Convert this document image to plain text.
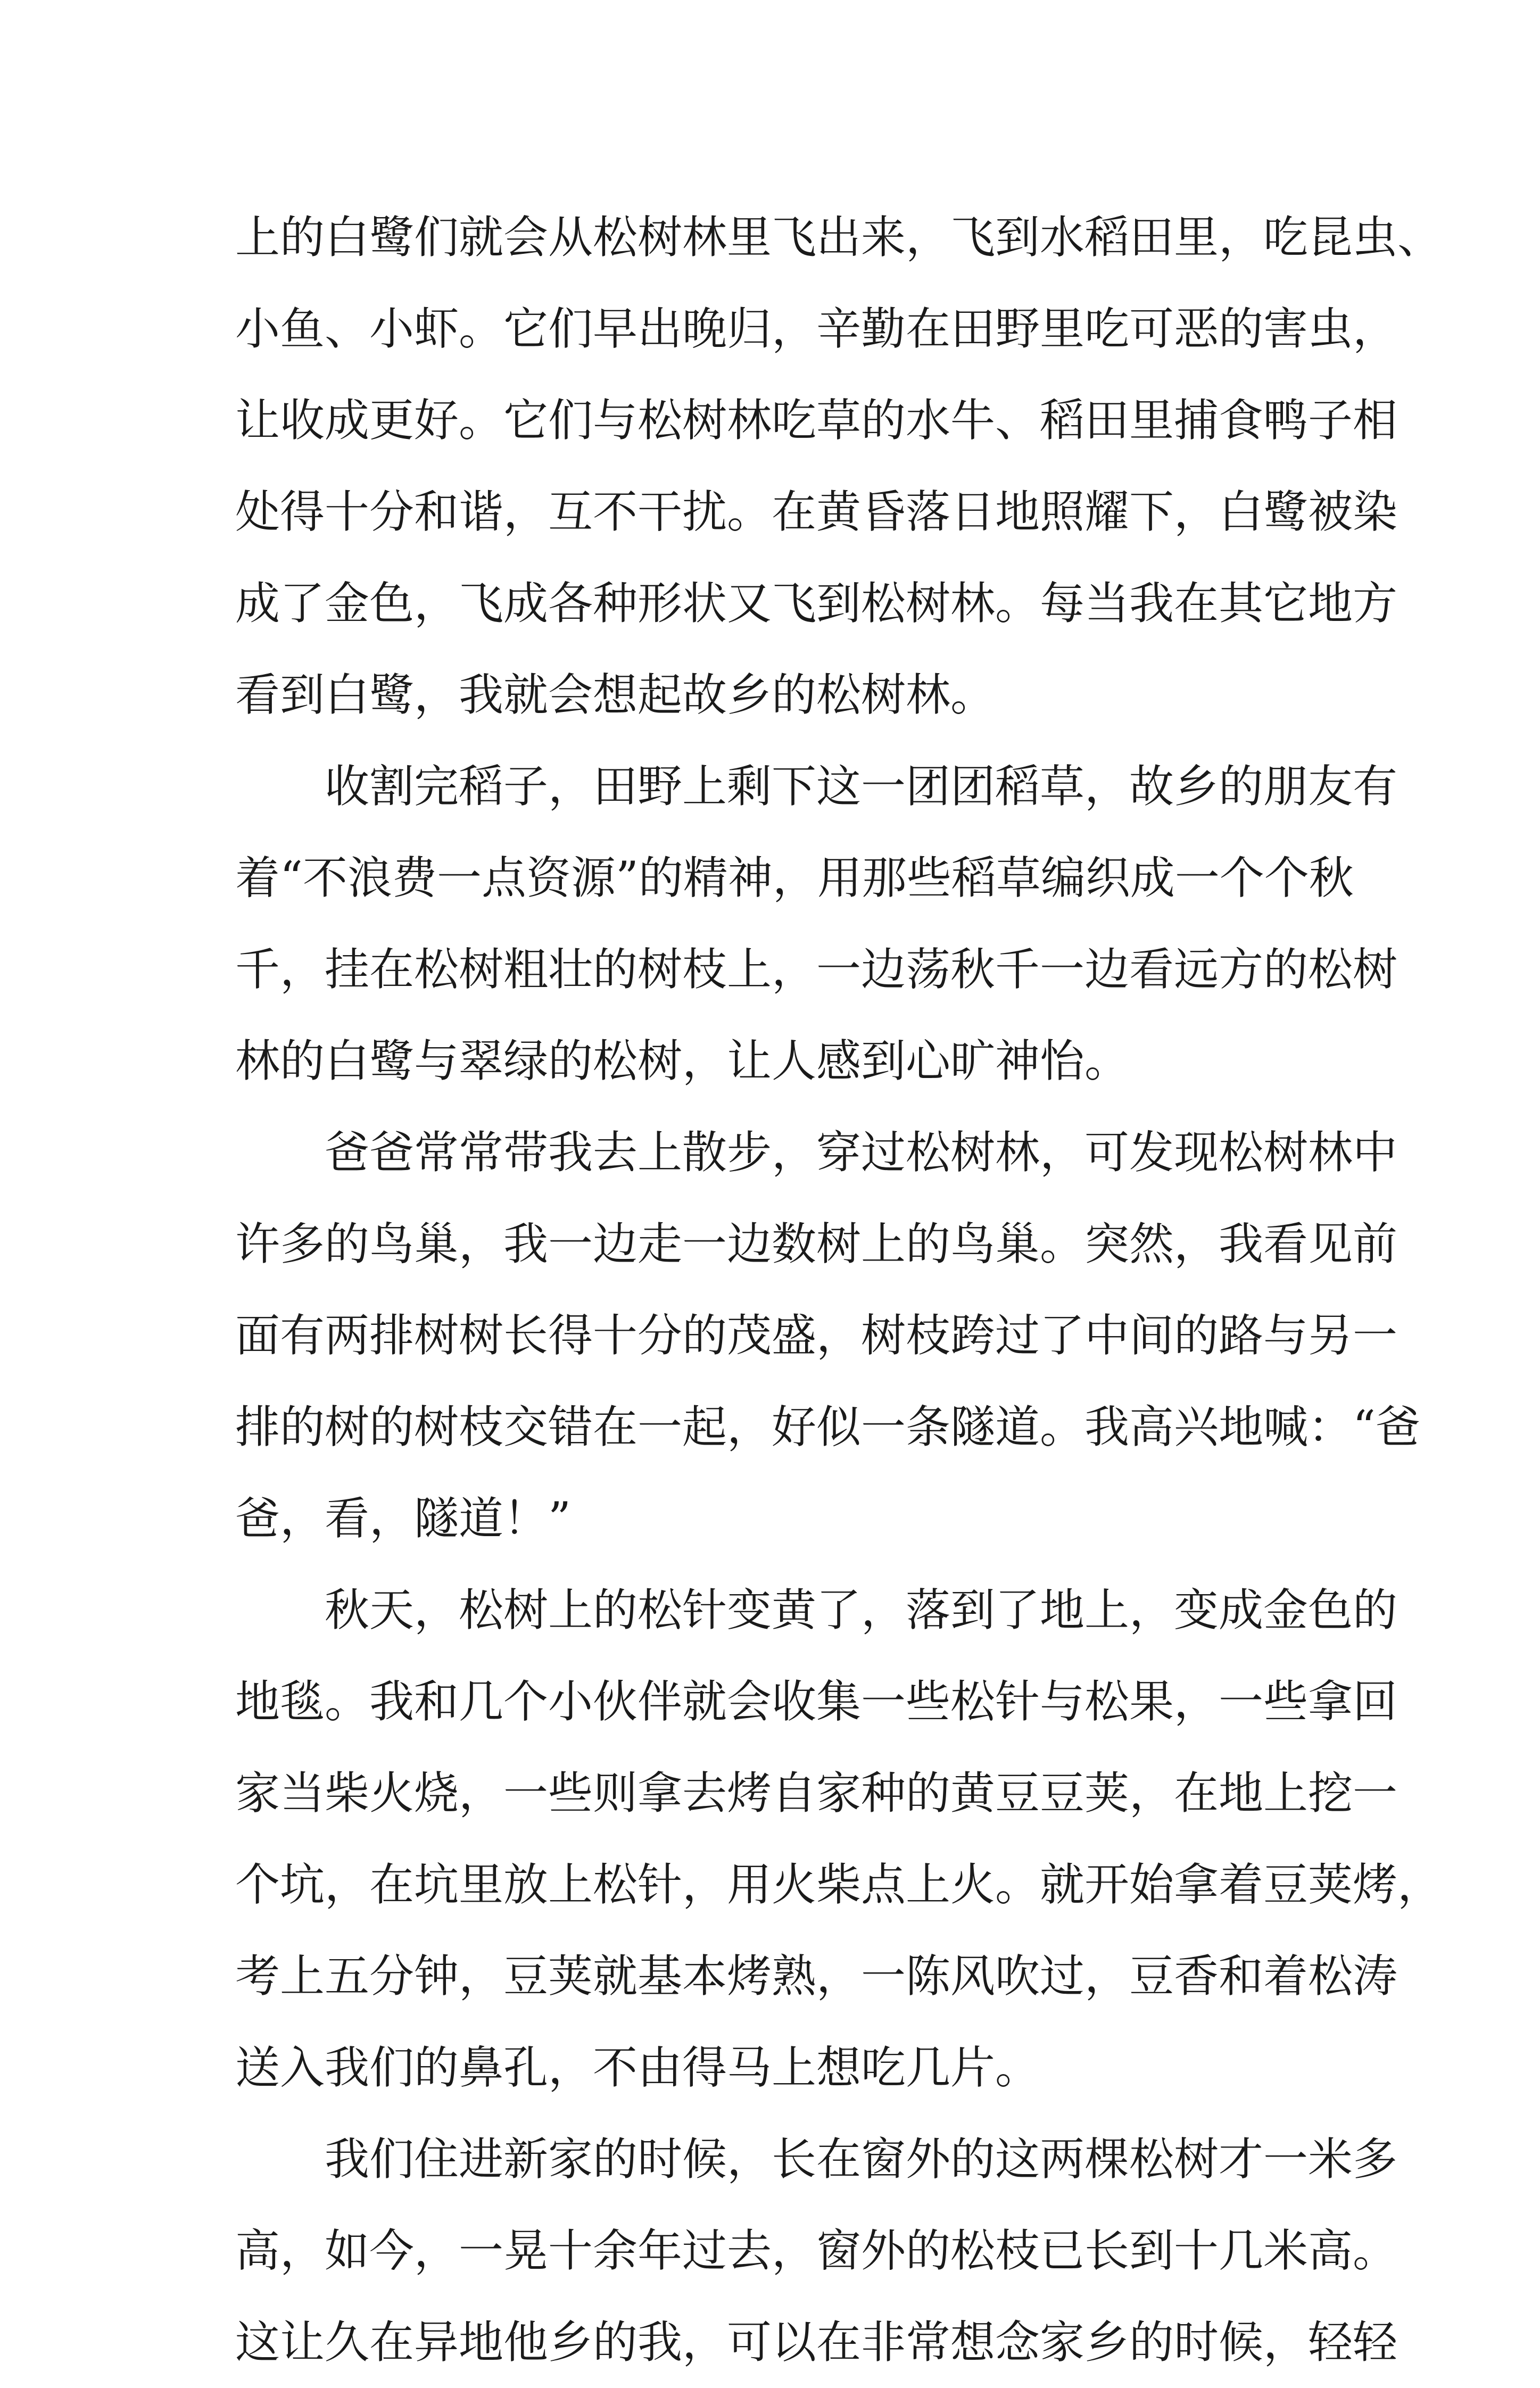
上的白鹭们就会从松树林里飞出来，飞到水稻田里，吃昆虫、
小鱼、小虾。它们早出晚归，辛勤在田野里吃可恶的害虫，
让收成更好。它们与松树林吃草的水牛、稻田里捕食鸭子相
处得十分和谐，互不干扰。在黄昏落日地照耀下，白鹭被染
成了金色，飞成各种形状又飞到松树林。每当我在其它地方
看到白鹭，我就会想起故乡的松树林。
收割完稻子，田野上剩下这一团团稻草，故乡的朋友有
着“不浪费一点资源”的精神，用那些稻草编织成一个个秋
千，挂在松树粗壮的树枝上，一边荡秋千一边看远方的松树
林的白鹭与翠绿的松树，让人感到心旷神怡。
爸爸常常带我去上散步，穿过松树林，可发现松树林中
许多的鸟巢，我一边走一边数树上的鸟巢。突然，我看见前
面有两排树树长得十分的茂盛，树枝跨过了中间的路与另一
排的树的树枝交错在一起，好似一条隧道。我高兴地喊：“爸
爸，看，隧道！”
秋天，松树上的松针变黄了，落到了地上，变成金色的
地毯。我和几个小伙伴就会收集一些松针与松果，一些拿回
家当柴火烧，一些则拿去烤自家种的黄豆豆荚，在地上挖一
个坑，在坑里放上松针，用火柴点上火。就开始拿着豆荚烤，
考上五分钟，豆荚就基本烤熟，一陈风吹过，豆香和着松涛
送入我们的鼻孔，不由得马上想吃几片。
我们住进新家的时候，长在窗外的这两棵松树才一米多
高，如今，一晃十余年过去，窗外的松枝已长到十几米高。
这让久在异地他乡的我，可以在非常想念家乡的时候，轻轻
